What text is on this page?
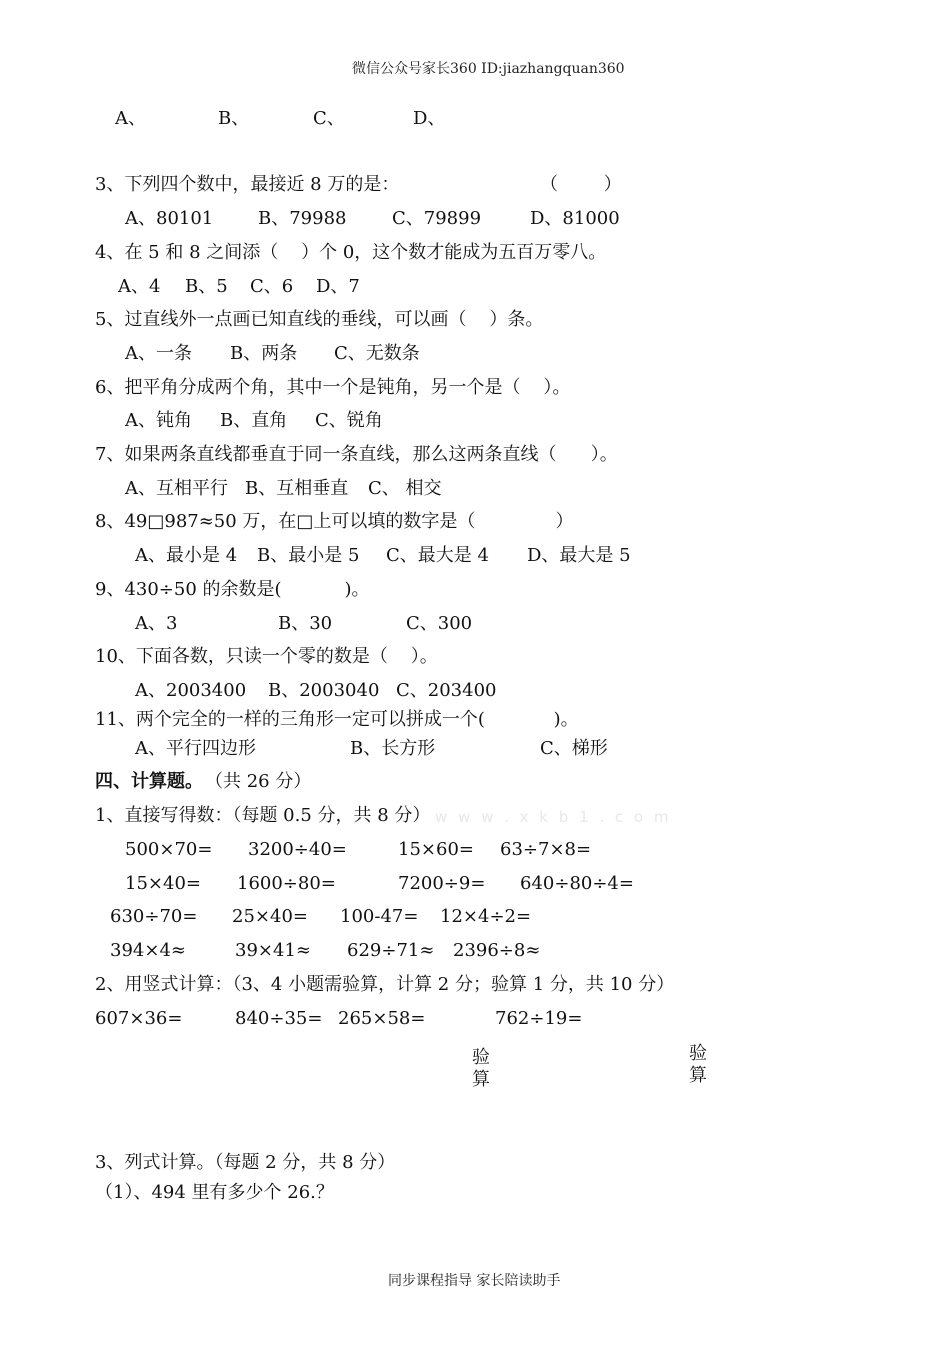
微信公众号家长360 ID:jiazhangquan360
A、	B、	C、	D、
3、下列四个数中，最接近 8 万的是：	（        ）
A、80101 B、79988	C、79899	D、81000
4、在 5 和 8 之间添（    ）个 0，这个数才能成为五百万零八。
A、4 B、5 C、6 D、7
5、过直线外一点画已知直线的垂线，可以画（    ）条。
A、一条 B、两条 C、无数条
6、把平角分成两个角，其中一个是钝角，另一个是（    ）。
A、钝角 B、直角 C、锐角
7、如果两条直线都垂直于同一条直线，那么这两条直线（      ）。
A、互相平行 B、互相垂直 C、 相交
8、49□987≈50 万，在□上可以填的数字是（              ）
A、最小是 4 B、最小是 5 C、最大是 4 D、最大是 5
9、430÷50 的余数是(           )。
A、3	B、30	C、300
10、下面各数，只读一个零的数是（    ）。
A、2003400 B、2003040 C、203400
11、两个完全的一样的三角形一定可以拼成一个(            )。
A、平行四边形	B、长方形	C、梯形
四、计算题。 （共 26 分）
1、直接写得数：（每题 0.5 分，共 8 分） w w w . x k b 1 . c o m
500×70= 3200÷40=	15×60= 63÷7×8=
15×40= 1600÷80=	7200÷9= 640÷80÷4=
630÷70= 25×40= 100-47= 12×4÷2=
394×4≈	39×41≈ 629÷71≈ 2396÷8≈
2、用竖式计算：（3、4 小题需验算，计算 2 分；验算 1 分，共 10 分）
607×36=	840÷35= 265×58=	762÷19=
验算
验算
3、列式计算。（每题 2 分，共 8 分）
（1）、494 里有多少个 26.？
同步课程指导 家长陪读助手
